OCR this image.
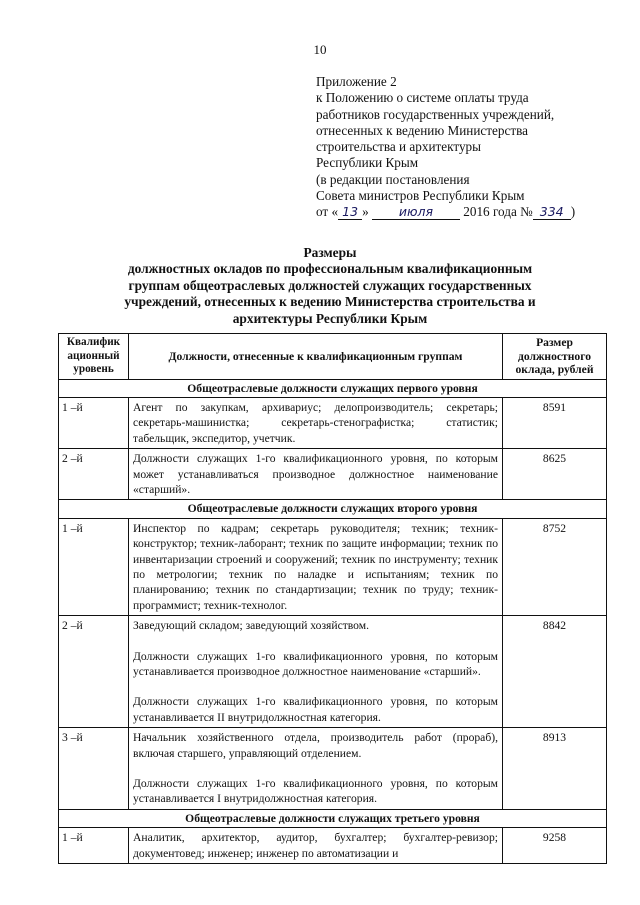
10
Приложение 2
к Положению о системе оплаты труда
работников государственных учреждений,
отнесенных к ведению Министерства
строительства и архитектуры
Республики Крым
(в редакции постановления
Совета министров Республики Крым
от « 13 » июля 2016 года № 334 )
Размеры
должностных окладов по профессиональным квалификационным
группам общеотраслевых должностей служащих государственных
учреждений, отнесенных к ведению Министерства строительства и
архитектуры Республики Крым
Квалифик ационный уровень	Должности, отнесенные к квалификационным группам	Размер должностного оклада, рублей
Общеотраслевые должности служащих первого уровня		
1 –й	Агент по закупкам, архивариус; делопроизводитель; секретарь; секретарь-машинистка; секретарь-стенографистка; статистик; табельщик, экспедитор, учетчик.	8591
2 –й	Должности служащих 1-го квалификационного уровня, по которым может устанавливаться производное должностное наименование «старший».	8625
Общеотраслевые должности служащих второго уровня		
1 –й	Инспектор по кадрам; секретарь руководителя; техник; техник-конструктор; техник-лаборант; техник по защите информации; техник по инвентаризации строений и сооружений; техник по инструменту; техник по метрологии; техник по наладке и испытаниям; техник по планированию; техник по стандартизации; техник по труду; техник-программист; техник-технолог.	8752
2 –й	Заведующий складом; заведующий хозяйством.

Должности служащих 1-го квалификационного уровня, по которым устанавливается производное должностное наименование «старший».

Должности служащих 1-го квалификационного уровня, по которым устанавливается II внутридолжностная категория.	8842
3 –й	Начальник хозяйственного отдела, производитель работ (прораб), включая старшего, управляющий отделением.

Должности служащих 1-го квалификационного уровня, по которым устанавливается I внутридолжностная категория.	8913
Общеотраслевые должности служащих третьего уровня		
1 –й	Аналитик, архитектор, аудитор, бухгалтер; бухгалтер-ревизор; документовед; инженер; инженер по автоматизации и	9258
